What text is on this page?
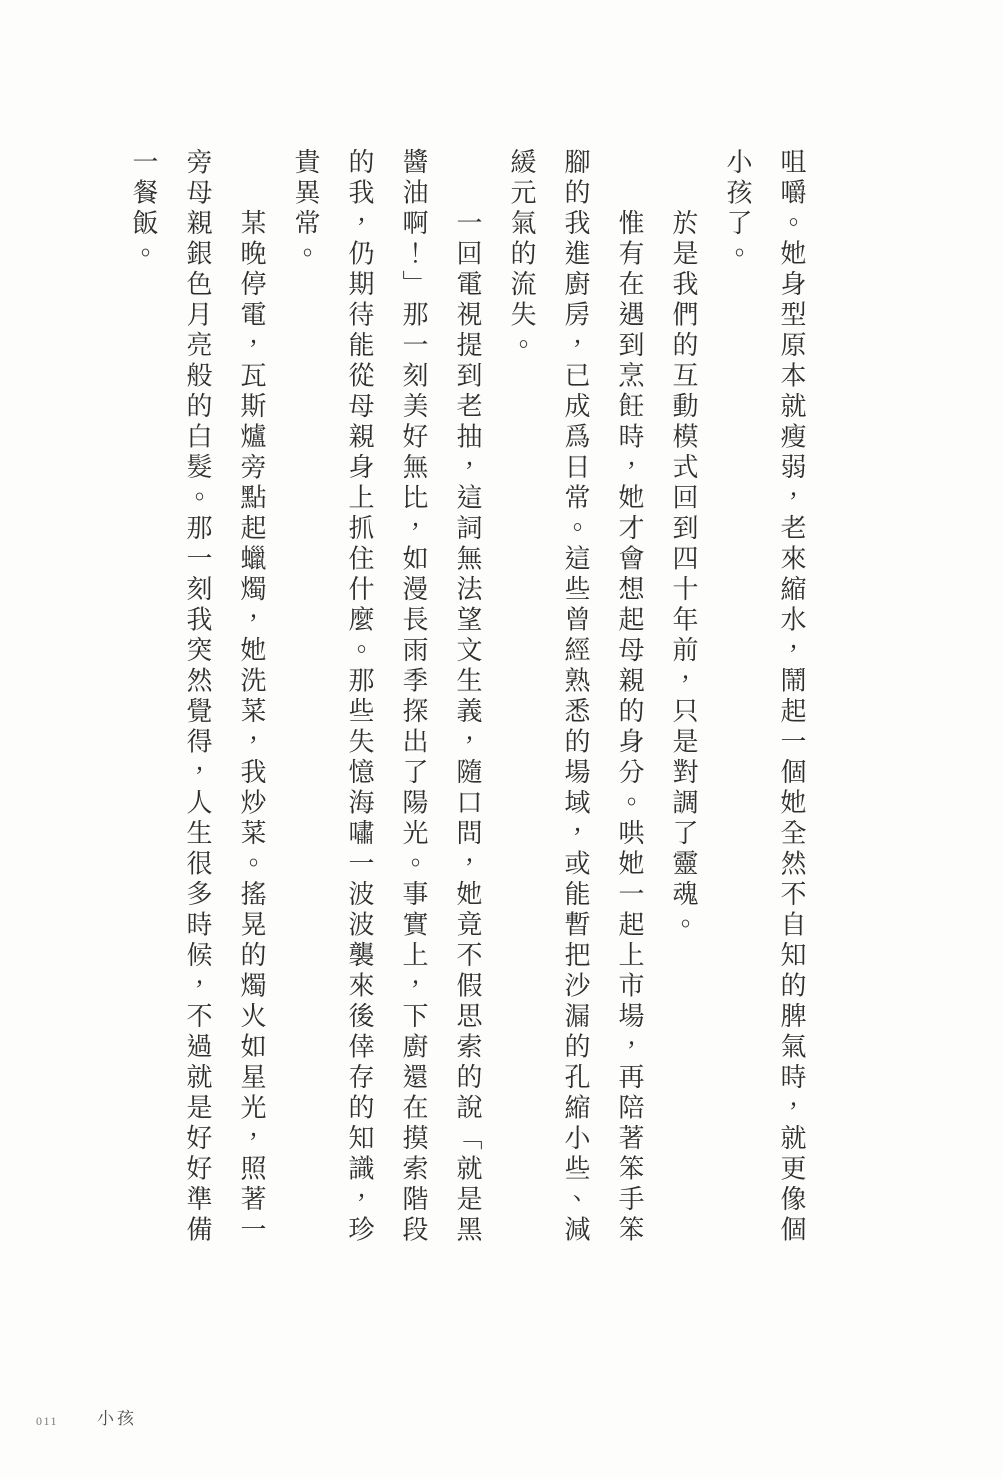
咀嚼。她身型原本就瘦弱，老來縮水，鬧起一個她全然不自知的脾氣時，就更像個小孩了。

於是我們的互動模式回到四十年前，只是對調了靈魂。

惟有在遇到烹飪時，她才會想起母親的身分。哄她一起上市場，再陪著笨手笨腳的我進廚房，已成爲日常。這些曾經熟悉的場域，或能暫把沙漏的孔縮小些、減緩元氣的流失。

一回電視提到老抽，這詞無法望文生義，隨口問，她竟不假思索的說「就是黑醬油啊！」那一刻美好無比，如漫長雨季探出了陽光。事實上，下廚還在摸索階段的我，仍期待能從母親身上抓住什麼。那些失憶海嘯一波波襲來後倖存的知識，珍貴異常。

某晚停電，瓦斯爐旁點起蠟燭，她洗菜，我炒菜。搖晃的燭火如星光，照著一旁母親銀色月亮般的白髮。那一刻我突然覺得，人生很多時候，不過就是好好準備一餐飯。

011 小孩
